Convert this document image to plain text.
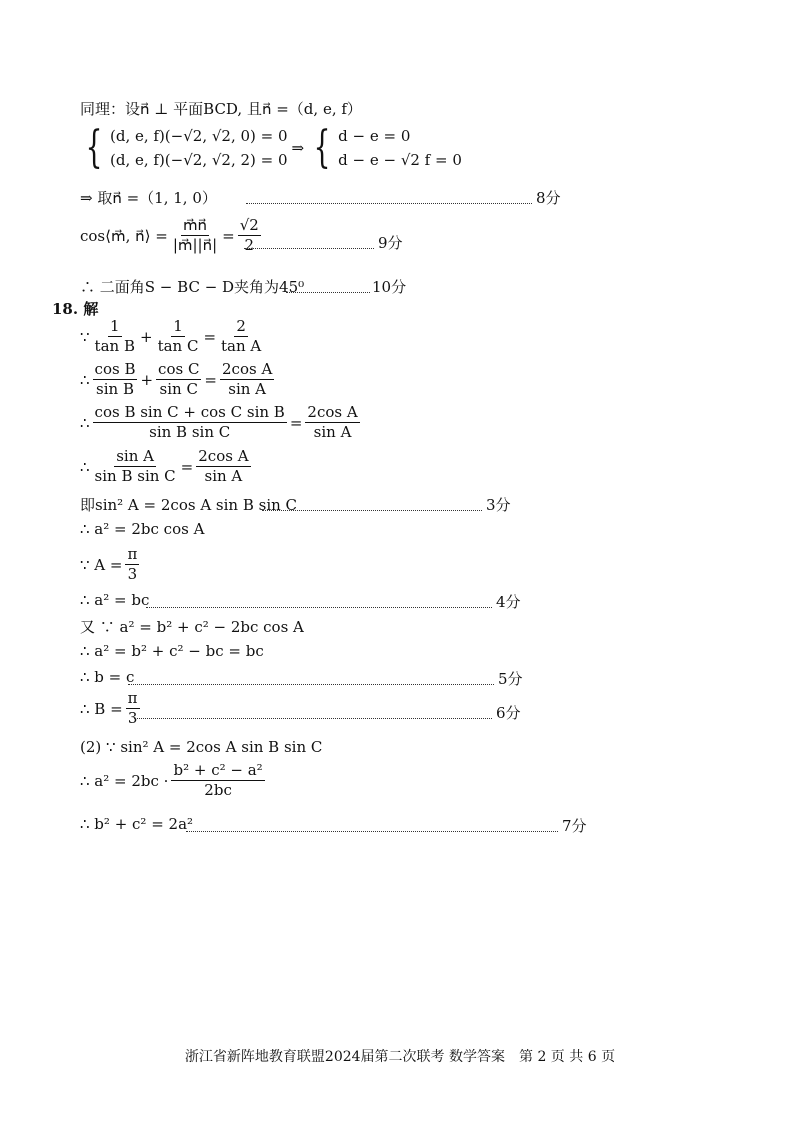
同理：设n⃗ ⊥ 平面BCD, 且n⃗ =（d, e, f）
{ (d, e, f)(−√2, √2, 0) = 0
(d, e, f)(−√2, √2, 2) = 0
⇒ { d − e = 0
d − e − √2 f = 0
⇒ 取n⃗ =（1, 1, 0）	8分
cos⟨m⃗, n⃗⟩ = $\frac{m⃗n⃗}{|m⃗||n⃗|} = \frac{√2}{2}$	9分
∴ 二面角S − BC − D夹角为45⁰	10分
18. 解
∵ $\frac{1}{\text{tan B}} + \frac{1}{\text{tan C}} = \frac{2}{\text{tan A}}$
∴ $\frac{\text{cos B}}{\text{sin B}} + \frac{\text{cos C}}{\text{sin C}} = \frac{\text{2cos A}}{\text{sin A}}$
∴ $\frac{\text{cos B sin C + cos C sin B}}{\text{sin B sin C}} = \frac{\text{2cos A}}{\text{sin A}}$
∴ $\frac{\text{sin A}}{\text{sin B sin C}} = \frac{\text{2cos A}}{\text{sin A}}$
即sin² A = 2cos A sin B sin C	3分
∴ a² = 2bc cos A
∵ $A = \frac{\pi}{3}$
∴ a² = bc	4分
又 ∵ a² = b² + c² − 2bc cos A
∴ a² = b² + c² − bc = bc
∴ b = c	5分
∴ $B = \frac{\pi}{3}$	6分
(2) ∵ sin² A = 2cos A sin B sin C
∴ $a^2 = 2bc \cdot \frac{\text{b² + c² − a²}}{2bc}$
∴ b² + c² = 2a²	7分
浙江省新阵地教育联盟2024届第二次联考 数学答案　第 2 页 共 6 页
